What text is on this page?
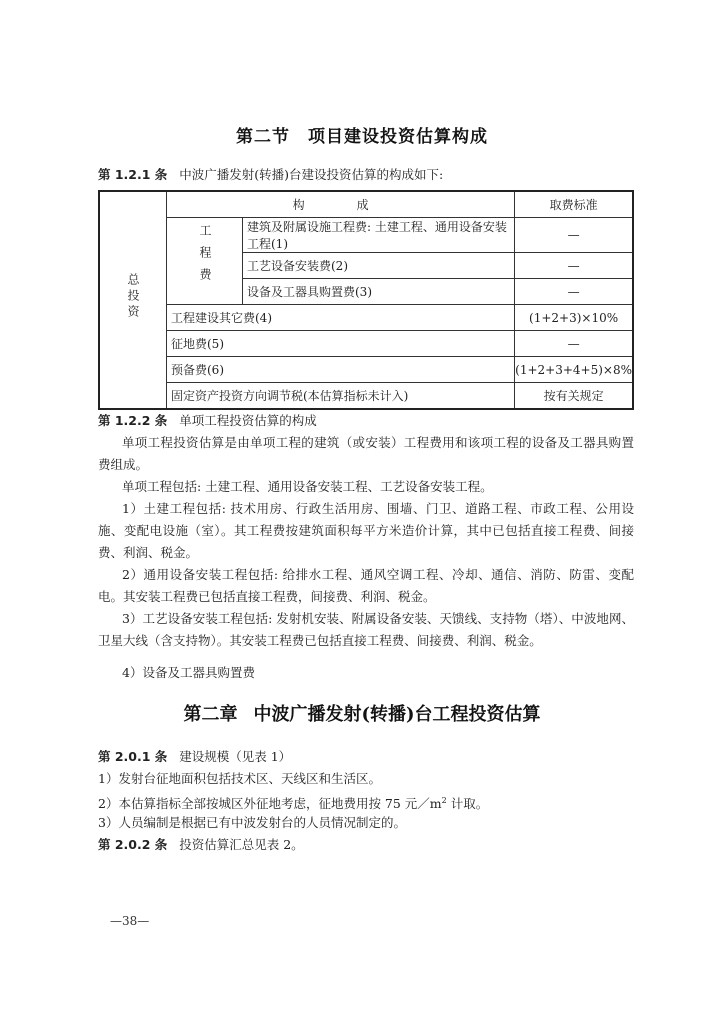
第二节 项目建设投资估算构成
第 1.2.1 条 中波广播发射(转播)台建设投资估算的构成如下:
总投资	构　成		取费标准
	工程费	建筑及附属设施工程费: 土建工程、通用设备安装工程(1)	—
		工艺设备安装费(2)	—
		设备及工器具购置费(3)	—
	工程建设其它费(4)		(1+2+3)×10%
	征地费(5)		—
	预备费(6)		(1+2+3+4+5)×8%
	固定资产投资方向调节税(本估算指标未计入)		按有关规定
第 1.2.2 条 单项工程投资估算的构成
单项工程投资估算是由单项工程的建筑（或安装）工程费用和该项工程的设备及工器具购置费组成。
单项工程包括: 土建工程、通用设备安装工程、工艺设备安装工程。
1）土建工程包括: 技术用房、行政生活用房、围墙、门卫、道路工程、市政工程、公用设施、变配电设施（室）。其工程费按建筑面积每平方米造价计算，其中已包括直接工程费、间接费、利润、税金。
2）通用设备安装工程包括: 给排水工程、通风空调工程、冷却、通信、消防、防雷、变配电。其安装工程费已包括直接工程费，间接费、利润、税金。
3）工艺设备安装工程包括: 发射机安装、附属设备安装、天馈线、支持物（塔）、中波地网、卫星大线（含支持物）。其安装工程费已包括直接工程费、间接费、利润、税金。
4）设备及工器具购置费
第二章 中波广播发射(转播)台工程投资估算
第 2.0.1 条 建设规模（见表 1）
1）发射台征地面积包括技术区、天线区和生活区。
2）本估算指标全部按城区外征地考虑，征地费用按 75 元$/m^2$ 计取。
3）人员编制是根据已有中波发射台的人员情况制定的。
第 2.0.2 条 投资估算汇总见表 2。
—38—
